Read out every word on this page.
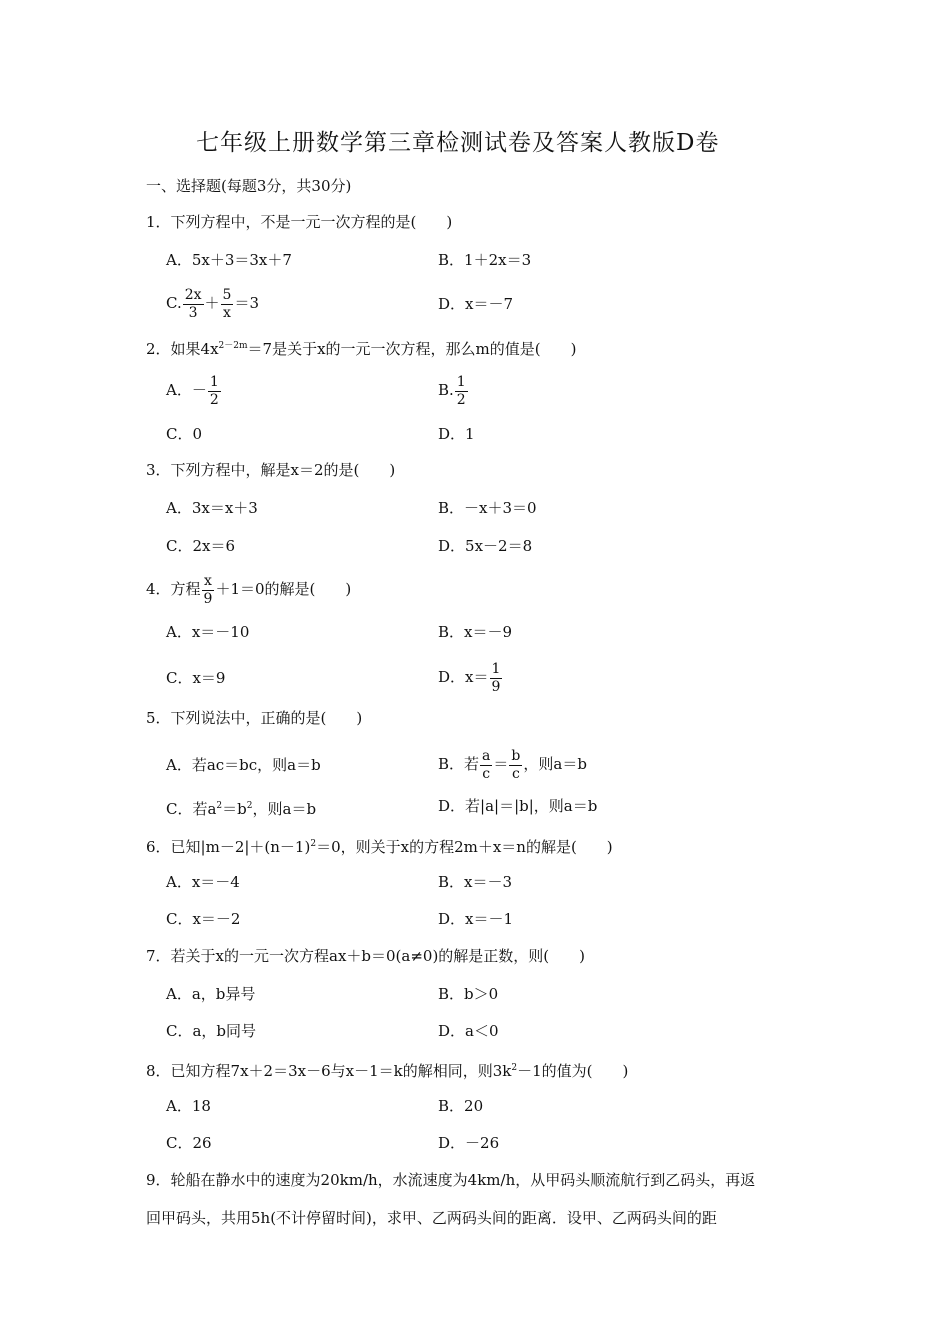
七年级上册数学第三章检测试卷及答案人教版D卷
一、选择题(每题3分，共30分)
1．下列方程中，不是一元一次方程的是(　　)
A．5x＋3＝3x＋7	B．1＋2x＝3
C. $\frac{2x}{3} + \frac{5}{x} =3$	D．x＝－7
2．如果$4x^{2-2m}=7$是关于x的一元一次方程，那么m的值是(　　)
A．－ $\frac{1}{2}$	B. $\frac{1}{2}$
C．0	D．1
3．下列方程中，解是x＝2的是(　　)
A．3x＝x＋3	B．－x＋3＝0
C．2x＝6	D．5x－2＝8
4．方程 $\frac{x}{9} +1=0$的解是(　　)
A．x＝－10	B．x＝－9
C．x＝9	D．$x= \frac{1}{9}$
5．下列说法中，正确的是(　　)
A．若ac＝bc，则a＝b	B．若 $\frac{a}{c} = \frac{b}{c}$ ，则a＝b
C．若$a^2=b^2$，则a＝b	D．若|a|＝|b|，则a＝b
6．已知$|m-2|+(n-1)^2=0$，则关于x的方程2m＋x＝n的解是(　　)
A．x＝－4	B．x＝－3
C．x＝－2	D．x＝－1
7．若关于x的一元一次方程ax＋b＝0(a≠0)的解是正数，则(　　)
A．a，b异号	B．b＞0
C．a，b同号	D．a＜0
8．已知方程7x＋2＝3x－6与x－1＝k的解相同，则$3k^2-1$的值为(　　)
A．18	B．20
C．26	D．－26
9．轮船在静水中的速度为20km/h，水流速度为4km/h，从甲码头顺流航行到乙码头，再返
回甲码头，共用5h(不计停留时间)，求甲、乙两码头间的距离．设甲、乙两码头间的距
